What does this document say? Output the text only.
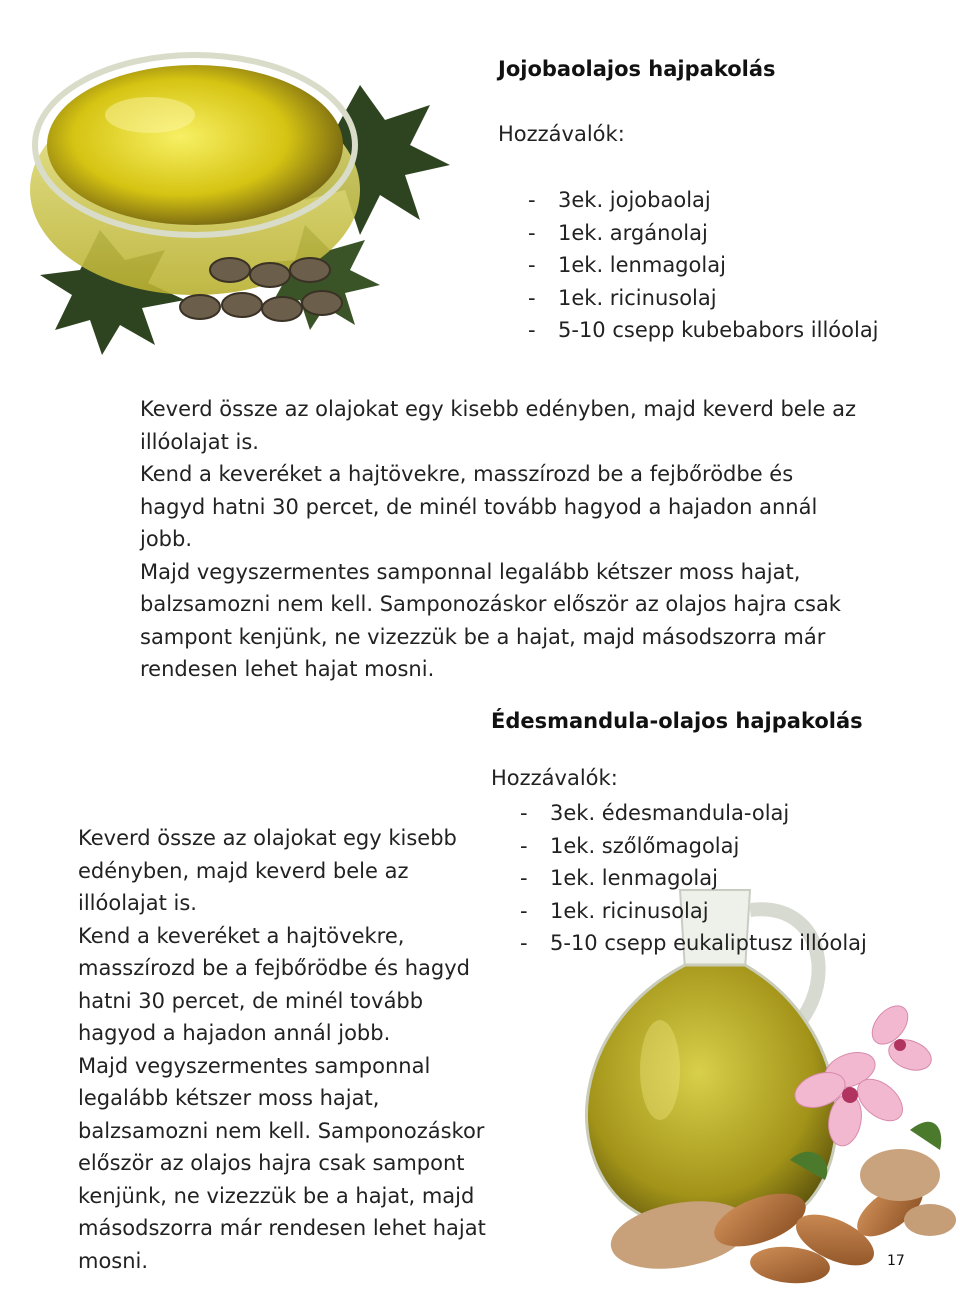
Jojobaolajos hajpakolás
Hozzávalók:
- 3ek. jojobaolaj
- 1ek. argánolaj
- 1ek. lenmagolaj
- 1ek. ricinusolaj
- 5-10 csepp kubebabors illóolaj

Keverd össze az olajokat egy kisebb edényben, majd keverd bele az illóolajat is.

Kend a keveréket a hajtövekre, masszírozd be a fejbőrödbe és hagyd hatni 30 percet, de minél tovább hagyod a hajadon annál jobb.

Majd vegyszermentes samponnal legalább kétszer moss hajat, balzsamozni nem kell. Samponozáskor először az olajos hajra csak sampont kenjünk, ne vizezzük be a hajat, majd másodszorra már rendesen lehet hajat mosni.

Édesmandula-olajos hajpakolás
Hozzávalók:
- 3ek. édesmandula-olaj
- 1ek. szőlőmagolaj
- 1ek. lenmagolaj
- 1ek. ricinusolaj
- 5-10 csepp eukaliptusz illóolaj

Keverd össze az olajokat egy kisebb edényben, majd keverd bele az illóolajat is.

Kend a keveréket a hajtövekre, masszírozd be a fejbőrödbe és hagyd hatni 30 percet, de minél tovább hagyod a hajadon annál jobb.

Majd vegyszermentes samponnal legalább kétszer moss hajat, balzsamozni nem kell. Samponozáskor először az olajos hajra csak sampont kenjünk, ne vizezzük be a hajat, majd másodszorra már rendesen lehet hajat mosni.	17
